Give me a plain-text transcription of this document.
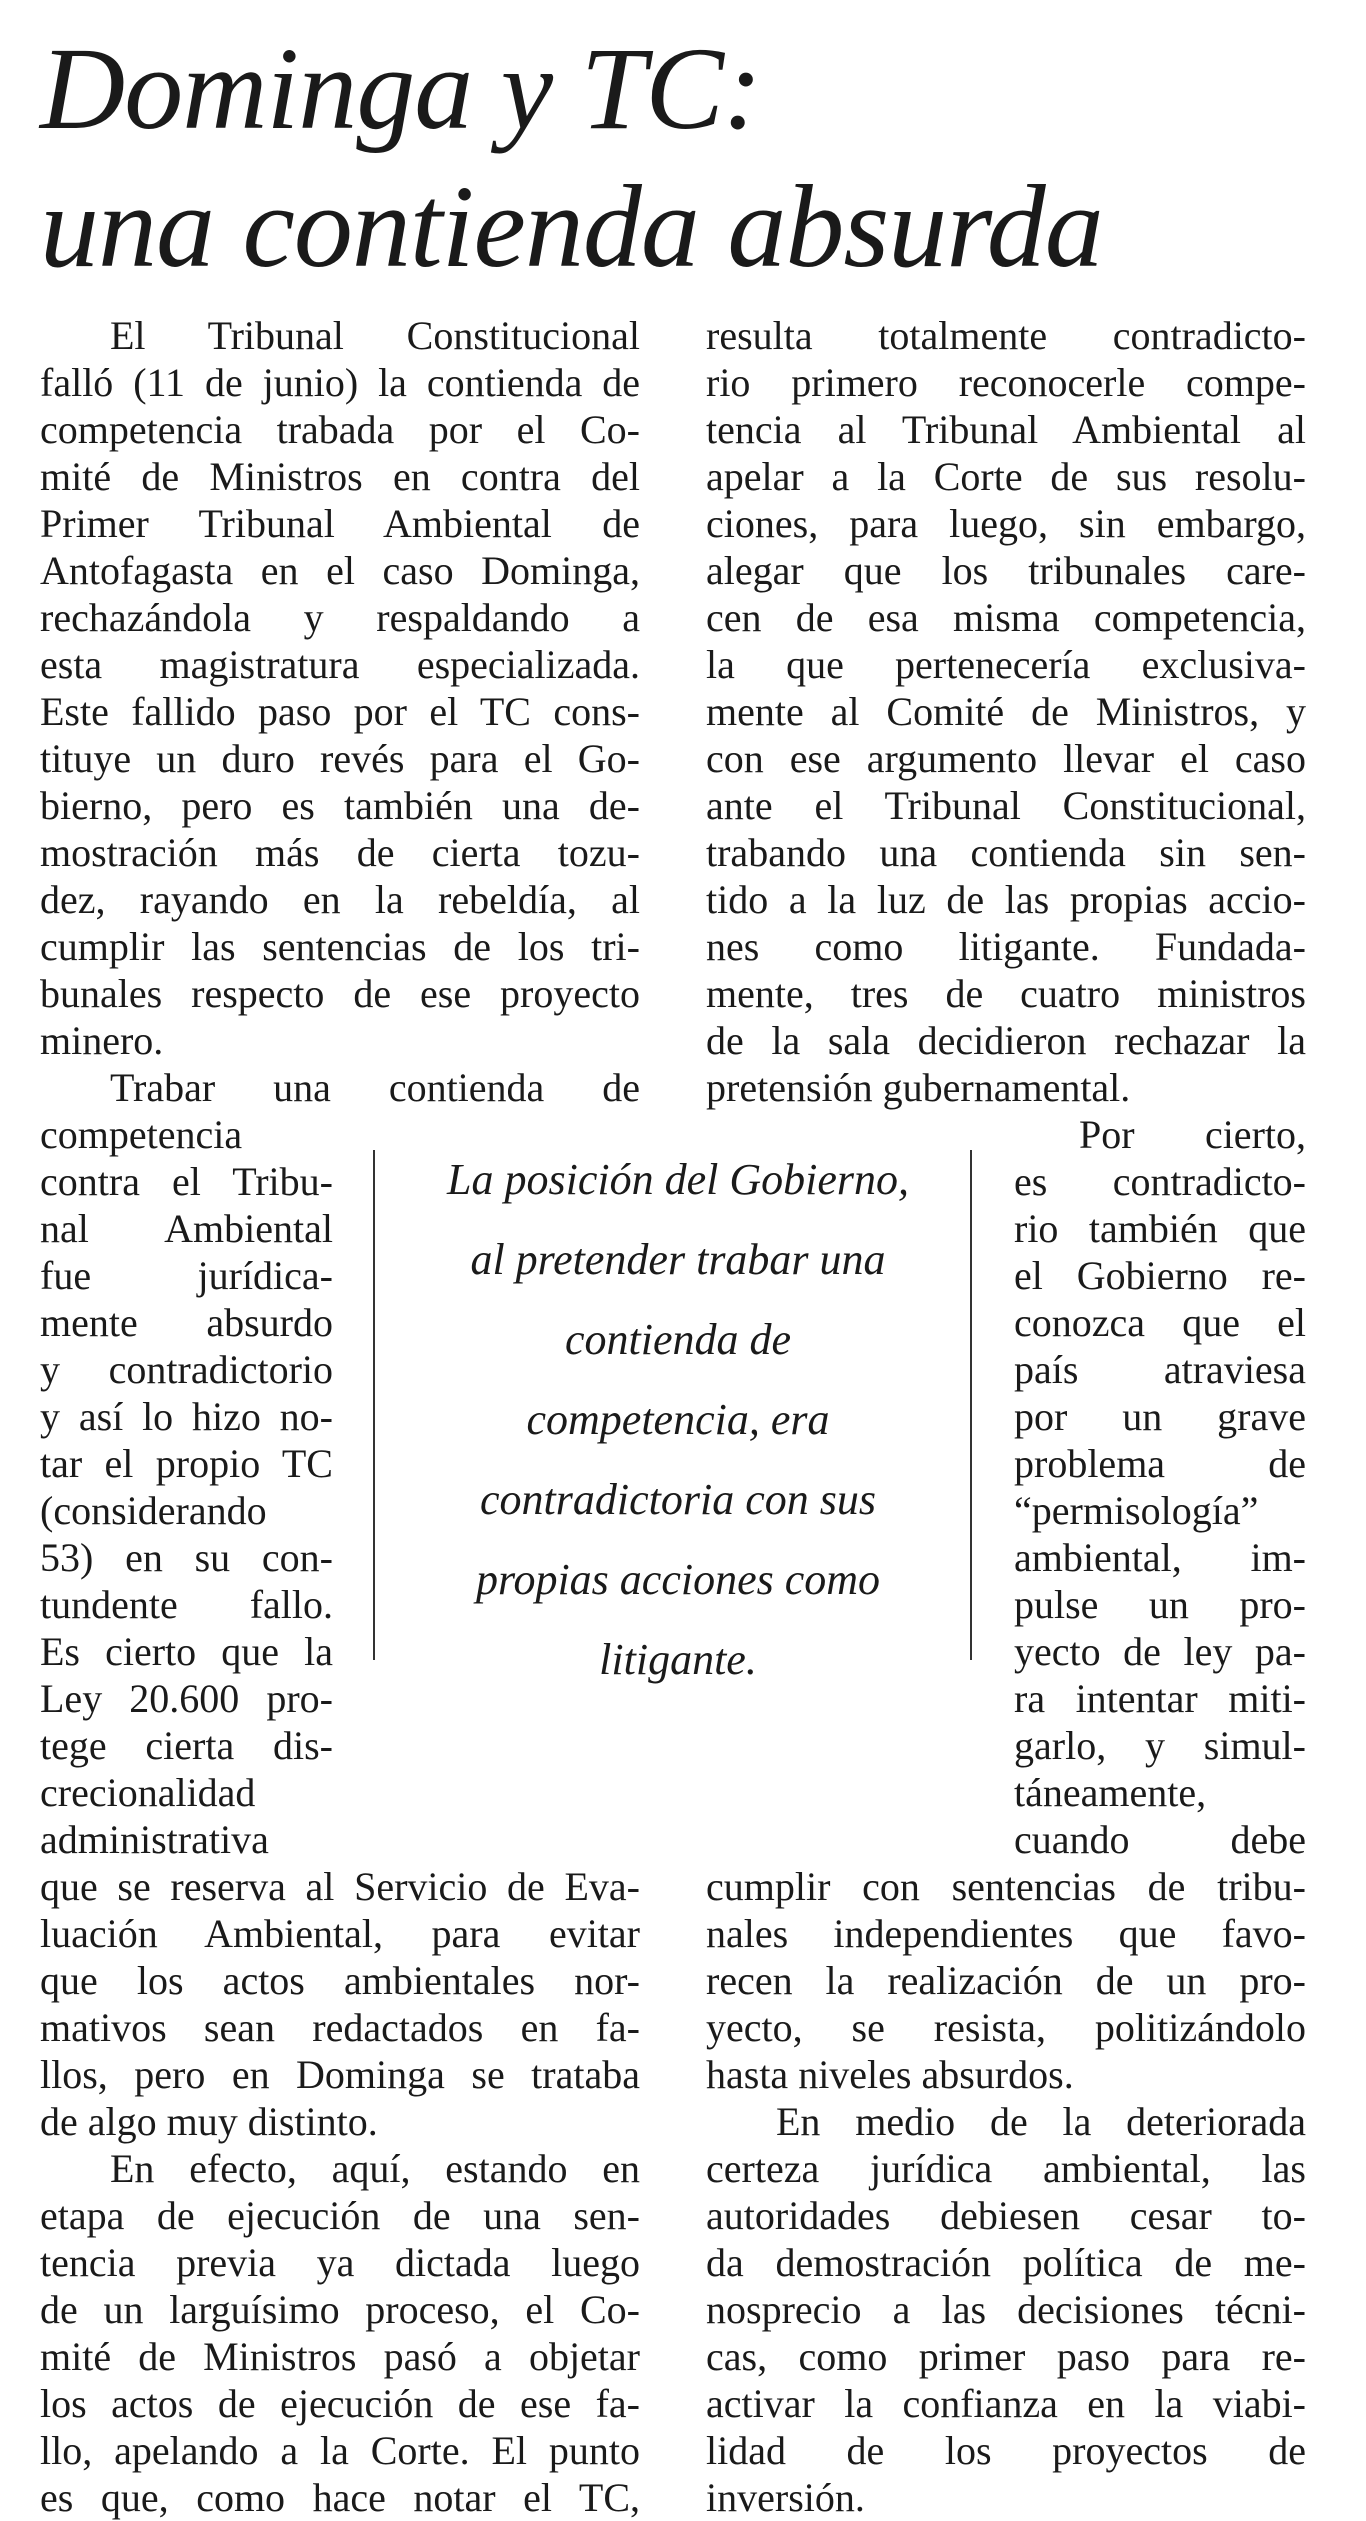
Dominga y TC:
una contienda absurda

El Tribunal Constitucional
falló (11 de junio) la contienda de
competencia trabada por el Co-
mité de Ministros en contra del
Primer Tribunal Ambiental de
Antofagasta en el caso Dominga,
rechazándola y respaldando a
esta magistratura especializada.
Este fallido paso por el TC cons-
tituye un duro revés para el Go-
bierno, pero es también una de-
mostración más de cierta tozu-
dez, rayando en la rebeldía, al
cumplir las sentencias de los tri-
bunales respecto de ese proyecto
minero.

Trabar una contienda de
competencia
contra el Tribu-
nal Ambiental
fue jurídica-
mente absurdo
y contradictorio
y así lo hizo no-
tar el propio TC
(considerando
53) en su con-
tundente fallo.
Es cierto que la
Ley 20.600 pro-
tege cierta dis-
crecionalidad
administrativa
que se reserva al Servicio de Eva-
luación Ambiental, para evitar
que los actos ambientales nor-
mativos sean redactados en fa-
llos, pero en Dominga se trataba
de algo muy distinto.

En efecto, aquí, estando en
etapa de ejecución de una sen-
tencia previa ya dictada luego
de un larguísimo proceso, el Co-
mité de Ministros pasó a objetar
los actos de ejecución de ese fa-
llo, apelando a la Corte. El punto
es que, como hace notar el TC,

resulta totalmente contradicto-
rio primero reconocerle compe-
tencia al Tribunal Ambiental al
apelar a la Corte de sus resolu-
ciones, para luego, sin embargo,
alegar que los tribunales care-
cen de esa misma competencia,
la que pertenecería exclusiva-
mente al Comité de Ministros, y
con ese argumento llevar el caso
ante el Tribunal Constitucional,
trabando una contienda sin sen-
tido a la luz de las propias accio-
nes como litigante. Fundada-
mente, tres de cuatro ministros
de la sala decidieron rechazar la
pretensión gubernamental.

Por cierto,
es contradicto-
rio también que
el Gobierno re-
conozca que el
país atraviesa
por un grave
problema de
“permisología”
ambiental, im-
pulse un pro-
yecto de ley pa-
ra intentar miti-
garlo, y simul-
táneamente,
cuando debe
cumplir con sentencias de tribu-
nales independientes que favo-
recen la realización de un pro-
yecto, se resista, politizándolo
hasta niveles absurdos.

En medio de la deteriorada
certeza jurídica ambiental, las
autoridades debiesen cesar to-
da demostración política de me-
nosprecio a las decisiones técni-
cas, como primer paso para re-
activar la confianza en la viabi-
lidad de los proyectos de
inversión.

La posición del Gobierno,
al pretender trabar una
contienda de
competencia, era
contradictoria con sus
propias acciones como
litigante.
